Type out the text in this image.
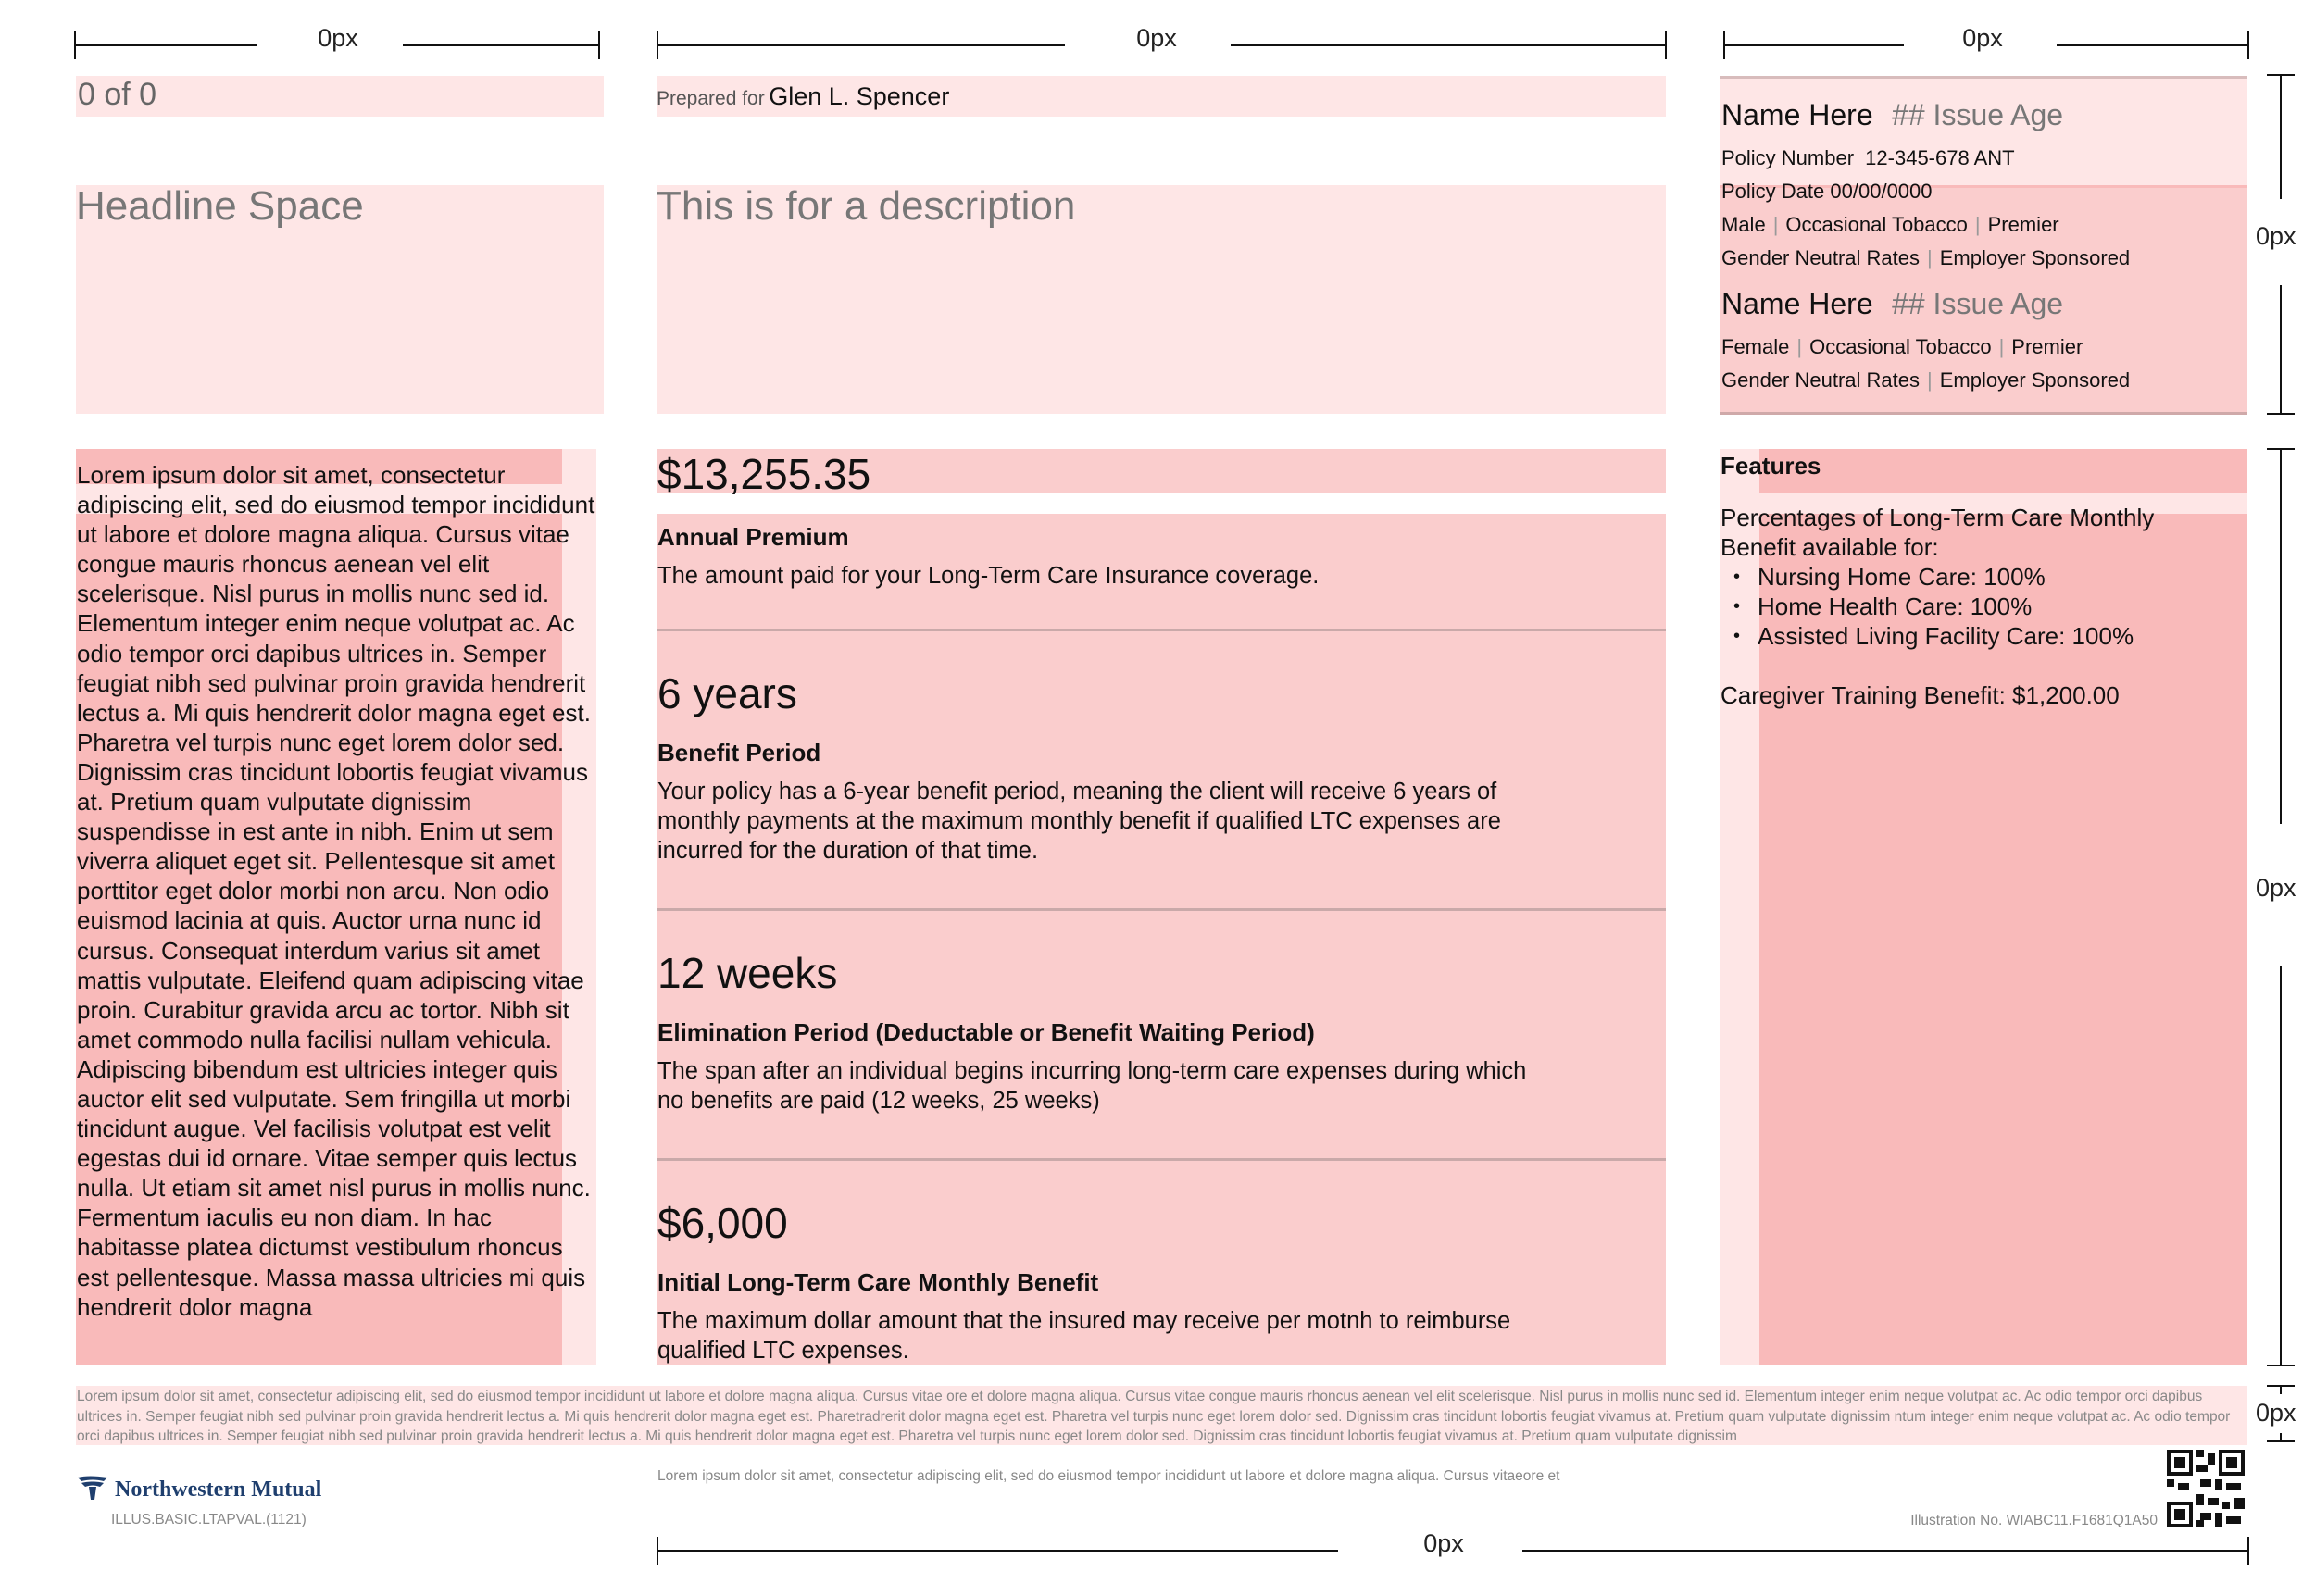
0px	0px	0px
0px
0px
0px
0px
0 of 0	Prepared for Glen L. Spencer
Headline Space	This is for a description
Name Here ## Issue Age
Policy Number 12-345-678 ANT
Policy Date 00/00/0000
Male | Occasional Tobacco | Premier
Gender Neutral Rates | Employer Sponsored
Name Here ## Issue Age
Female | Occasional Tobacco | Premier
Gender Neutral Rates | Employer Sponsored
Lorem ipsum dolor sit amet, consectetur adipiscing elit, sed do eiusmod tempor incididunt ut labore et dolore magna aliqua. Cursus vitae congue mauris rhoncus aenean vel elit scelerisque. Nisl purus in mollis nunc sed id. Elementum integer enim neque volutpat ac. Ac odio tempor orci dapibus ultrices in. Semper feugiat nibh sed pulvinar proin gravida hendrerit lectus a. Mi quis hendrerit dolor magna eget est. Pharetra vel turpis nunc eget lorem dolor sed. Dignissim cras tincidunt lobortis feugiat vivamus at. Pretium quam vulputate dignissim suspendisse in est ante in nibh. Enim ut sem viverra aliquet eget sit. Pellentesque sit amet porttitor eget dolor morbi non arcu. Non odio euismod lacinia at quis. Auctor urna nunc id cursus. Consequat interdum varius sit amet mattis vulputate. Eleifend quam adipiscing vitae proin. Curabitur gravida arcu ac tortor. Nibh sit amet commodo nulla facilisi nullam vehicula. Adipiscing bibendum est ultricies integer quis auctor elit sed vulputate. Sem fringilla ut morbi tincidunt augue. Vel facilisis volutpat est velit egestas dui id ornare. Vitae semper quis lectus nulla. Ut etiam sit amet nisl purus in mollis nunc. Fermentum iaculis eu non diam. In hac habitasse platea dictumst vestibulum rhoncus est pellentesque. Massa massa ultricies mi quis hendrerit dolor magna
$13,255.35
Annual Premium
The amount paid for your Long-Term Care Insurance coverage.
6 years
Benefit Period
Your policy has a 6-year benefit period, meaning the client will receive 6 years of monthly payments at the maximum monthly benefit if qualified LTC expenses are incurred for the duration of that time.
12 weeks
Elimination Period (Deductable or Benefit Waiting Period)
The span after an individual begins incurring long-term care expenses during which no benefits are paid (12 weeks, 25 weeks)
$6,000
Initial Long-Term Care Monthly Benefit
The maximum dollar amount that the insured may receive per motnh to reimburse qualified LTC expenses.
Features
Percentages of Long-Term Care Monthly Benefit available for:
• Nursing Home Care: 100%
• Home Health Care: 100%
• Assisted Living Facility Care: 100%
Caregiver Training Benefit: $1,200.00
Lorem ipsum dolor sit amet, consectetur adipiscing elit, sed do eiusmod tempor incididunt ut labore et dolore magna aliqua. Cursus vitae ore et dolore magna aliqua. Cursus vitae congue mauris rhoncus aenean vel elit scelerisque. Nisl purus in mollis nunc sed id. Elementum integer enim neque volutpat ac. Ac odio tempor orci dapibus ultrices in. Semper feugiat nibh sed pulvinar proin gravida hendrerit lectus a. Mi quis hendrerit dolor magna eget est. Pharetradrerit dolor magna eget est. Pharetra vel turpis nunc eget lorem dolor sed. Dignissim cras tincidunt lobortis feugiat vivamus at. Pretium quam vulputate dignissim ntum integer enim neque volutpat ac. Ac odio tempor orci dapibus ultrices in. Semper feugiat nibh sed pulvinar proin gravida hendrerit lectus a. Mi quis hendrerit dolor magna eget est. Pharetra vel turpis nunc eget lorem dolor sed. Dignissim cras tincidunt lobortis feugiat vivamus at. Pretium quam vulputate dignissim
Northwestern Mutual
ILLUS.BASIC.LTAPVAL.(1121)
Lorem ipsum dolor sit amet, consectetur adipiscing elit, sed do eiusmod tempor incididunt ut labore et dolore magna aliqua. Cursus vitaeore et
Illustration No. WIABC11.F1681Q1A50
